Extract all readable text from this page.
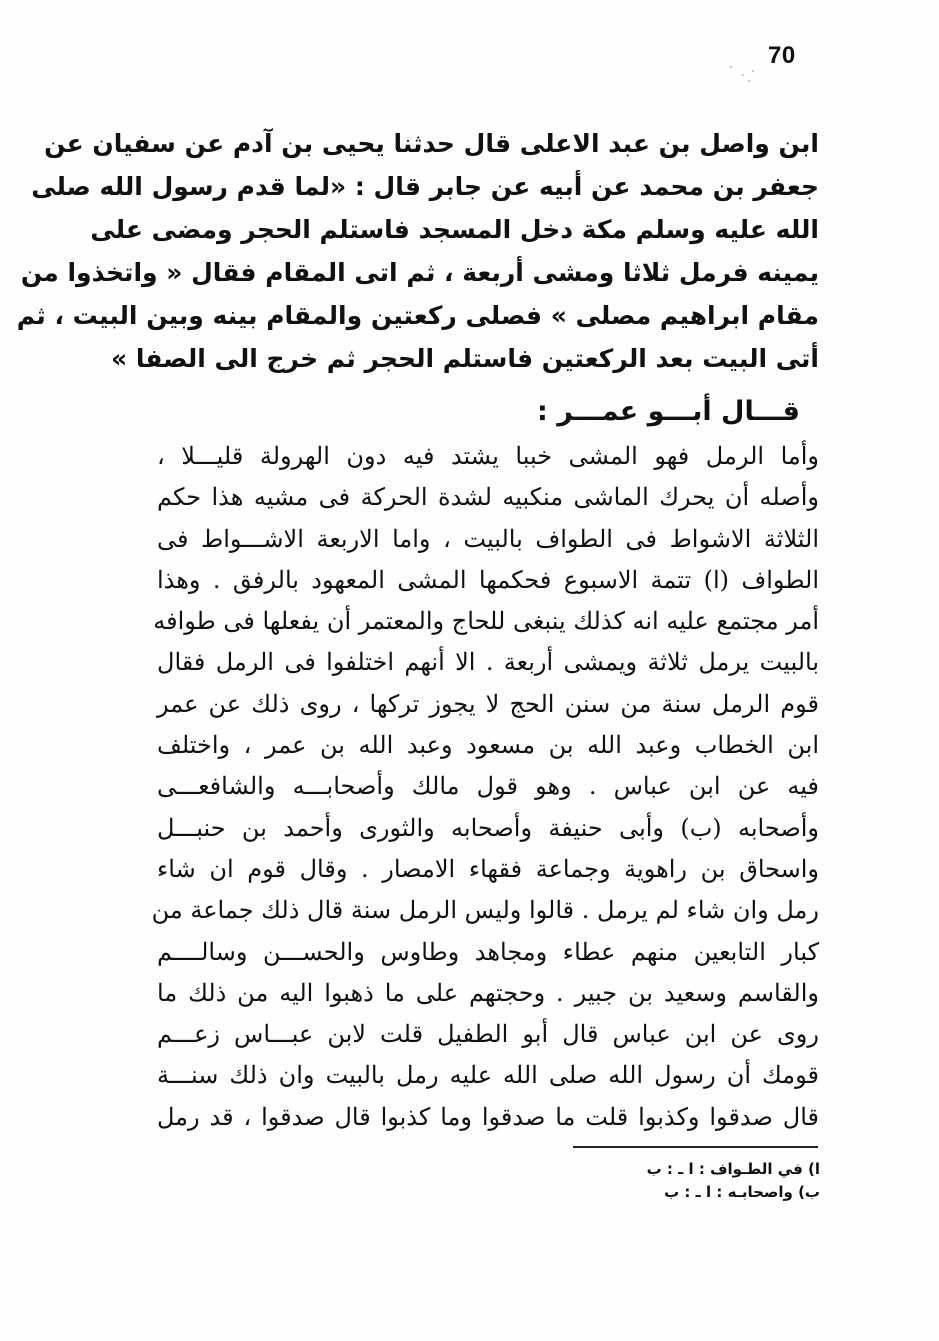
70
ابن واصل بن عبد الاعلى قال حدثنا يحيى بن آدم عن سفيان عن
جعفر بن محمد عن أبيه عن جابر قال : «لما قدم رسول الله صلى
الله عليه وسلم مكة دخل المسجد فاستلم الحجر ومضى على
يمينه فرمل ثلاثا ومشى أربعة ، ثم اتى المقام فقال « واتخذوا من
مقام ابراهيم مصلى » فصلى ركعتين والمقام بينه وبين البيت ، ثم
أتى البيت بعد الركعتين فاستلم الحجر ثم خرج الى الصفا »
قـــال أبـــو عمـــر :
وأما الرمل فهو المشى خببا يشتد فيه دون الهرولة قليـــلا ،
وأصله أن يحرك الماشى منكبيه لشدة الحركة فى مشيه هذا حكم
الثلاثة الاشواط فى الطواف بالبيت ، واما الاربعة الاشـــواط فى
الطواف (ا) تتمة الاسبوع فحكمها المشى المعهود بالرفق . وهذا
أمر مجتمع عليه انه كذلك ينبغى للحاج والمعتمر أن يفعلها فى طوافه
بالبيت يرمل ثلاثة ويمشى أربعة . الا أنهم اختلفوا فى الرمل فقال
قوم الرمل سنة من سنن الحج لا يجوز تركها ، روى ذلك عن عمر
ابن الخطاب وعبد الله بن مسعود وعبد الله بن عمر ، واختلف
فيه عن ابن عباس . وهو قول مالك وأصحابـــه والشافعـــى
وأصحابه (ب) وأبى حنيفة وأصحابه والثورى وأحمد بن حنبـــل
واسحاق بن راهوية وجماعة فقهاء الامصار . وقال قوم ان شاء
رمل وان شاء لم يرمل . قالوا وليس الرمل سنة قال ذلك جماعة من
كبار التابعين منهم عطاء ومجاهد وطاوس والحســـن وسالــــم
والقاسم وسعيد بن جبير . وحجتهم على ما ذهبوا اليه من ذلك ما
روى عن ابن عباس قال أبو الطفيل قلت لابن عبـــاس زعـــم
قومك أن رسول الله صلى الله عليه رمل بالبيت وان ذلك سنـــة
قال صدقوا وكذبوا قلت ما صدقوا وما كذبوا قال صدقوا ، قد رمل
ا) في الطـواف : ا ـ : ب
ب) واصحابـه : ا ـ : ب
